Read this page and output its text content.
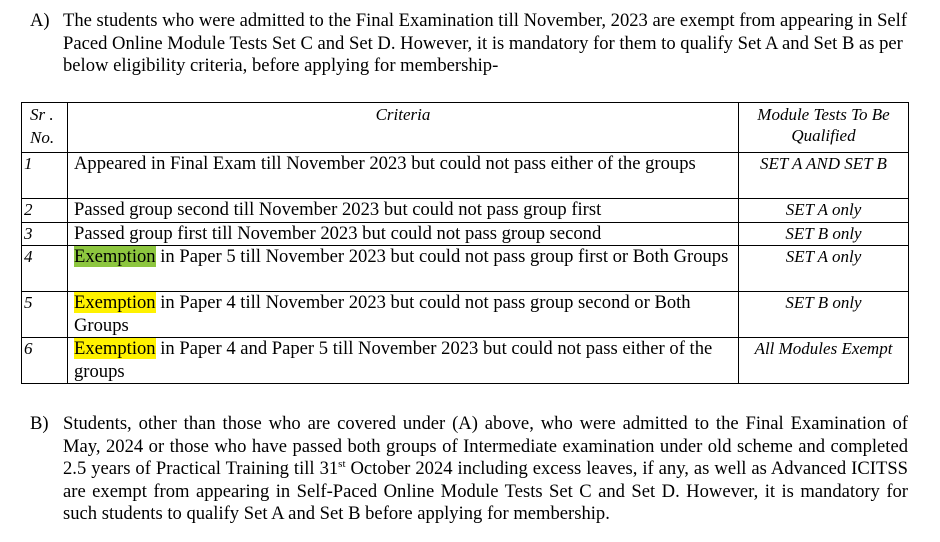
A) The students who were admitted to the Final Examination till November, 2023 are exempt from appearing in Self Paced Online Module Tests Set C and Set D. However, it is mandatory for them to qualify Set A and Set B as per below eligibility criteria, before applying for membership-
Sr . No.	Criteria	Module Tests To Be Qualified
1	Appeared in Final Exam till November 2023 but could not pass either of the groups	SET A AND SET B
2	Passed group second till November 2023 but could not pass group first	SET A only
3	Passed group first till November 2023 but could not pass group second	SET B only
4	Exemption in Paper 5 till November 2023 but could not pass group first or Both Groups	SET A only
5	Exemption in Paper 4 till November 2023 but could not pass group second or Both Groups	SET B only
6	Exemption in Paper 4 and Paper 5 till November 2023 but could not pass either of the groups	All Modules Exempt
B) Students, other than those who are covered under (A) above, who were admitted to the Final Examination of May, 2024 or those who have passed both groups of Intermediate examination under old scheme and completed 2.5 years of Practical Training till 31st October 2024 including excess leaves, if any, as well as Advanced ICITSS are exempt from appearing in Self-Paced Online Module Tests Set C and Set D. However, it is mandatory for such students to qualify Set A and Set B before applying for membership.
